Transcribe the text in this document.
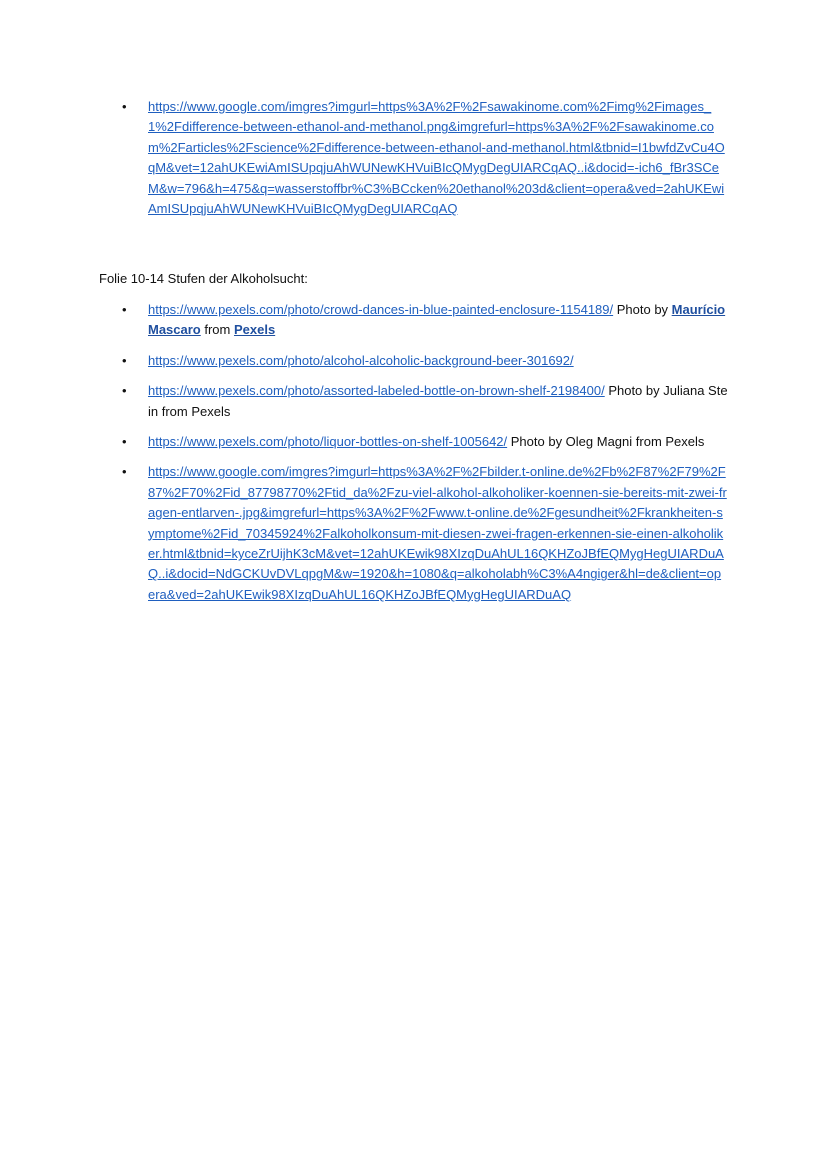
• https://www.google.com/imgres?imgurl=https%3A%2F%2Fsawakinome.com%2Fimg%2Fimages_1%2Fdifference-between-ethanol-and-methanol.png&imgrefurl=https%3A%2F%2Fsawakinome.com%2Farticles%2Fscience%2Fdifference-between-ethanol-and-methanol.html&tbnid=I1bwfdZvCu4OqM&vet=12ahUKEwiAmISUpqjuAhWUNewKHVuiBIcQMygDegUIARCqAQ..i&docid=-ich6_fBr3SCeM&w=796&h=475&q=wasserstoffbr%C3%BCcken%20ethanol%203d&client=opera&ved=2ahUKEwiAmISUpqjuAhWUNewKHVuiBIcQMygDegUIARCqAQ
Folie 10-14 Stufen der Alkoholsucht:
• https://www.pexels.com/photo/crowd-dances-in-blue-painted-enclosure-1154189/ Photo by Maurício Mascaro from Pexels
• https://www.pexels.com/photo/alcohol-alcoholic-background-beer-301692/
• https://www.pexels.com/photo/assorted-labeled-bottle-on-brown-shelf-2198400/ Photo by Juliana Stein from Pexels
• https://www.pexels.com/photo/liquor-bottles-on-shelf-1005642/ Photo by Oleg Magni from Pexels
• https://www.google.com/imgres?imgurl=https%3A%2F%2Fbilder.t-online.de%2Fb%2F87%2F79%2F87%2F70%2Fid_87798770%2Ftid_da%2Fzu-viel-alkohol-alkoholiker-koennen-sie-bereits-mit-zwei-fragen-entlarven-.jpg&imgrefurl=https%3A%2F%2Fwww.t-online.de%2Fgesundheit%2Fkrankheiten-symptome%2Fid_70345924%2Falkoholkonsum-mit-diesen-zwei-fragen-erkennen-sie-einen-alkoholiker.html&tbnid=kyceZrUijhK3cM&vet=12ahUKEwik98XIzqDuAhUL16QKHZoJBfEQMygHegUIARDuAQ..i&docid=NdGCKUvDVLqpgM&w=1920&h=1080&q=alkoholabh%C3%A4ngiger&hl=de&client=opera&ved=2ahUKEwik98XIzqDuAhUL16QKHZoJBfEQMygHegUIARDuAQ
